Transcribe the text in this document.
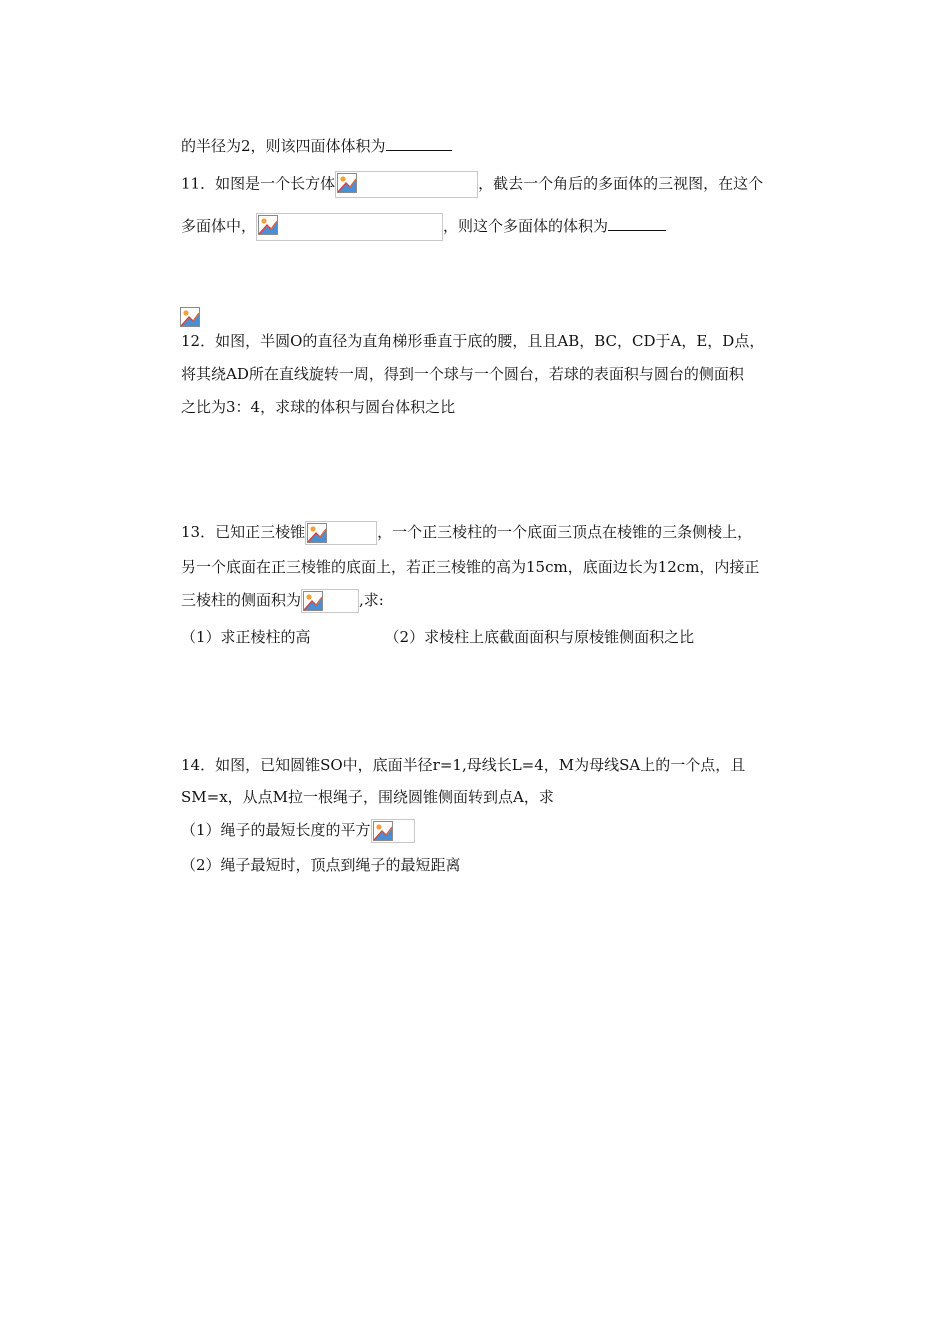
的半径为2，则该四面体体积为
11．如图是一个长方体	，截去一个角后的多面体的三视图，在这个
多面体中，	，则这个多面体的体积为
12．如图，半圆O的直径为直角梯形垂直于底的腰，且且AB，BC，CD于A，E，D点，
将其绕AD所在直线旋转一周，得到一个球与一个圆台，若球的表面积与圆台的侧面积
之比为3：4，求球的体积与圆台体积之比
13．已知正三棱锥	，一个正三棱柱的一个底面三顶点在棱锥的三条侧棱上，
另一个底面在正三棱锥的底面上，若正三棱锥的高为15cm，底面边长为12cm，内接正
三棱柱的侧面积为	,求:
（1）求正棱柱的高	（2）求棱柱上底截面面积与原棱锥侧面积之比
14．如图，已知圆锥SO中，底面半径r=1,母线长L=4，M为母线SA上的一个点，且
SM=x，从点M拉一根绳子，围绕圆锥侧面转到点A，求
（1）绳子的最短长度的平方
（2）绳子最短时，顶点到绳子的最短距离
